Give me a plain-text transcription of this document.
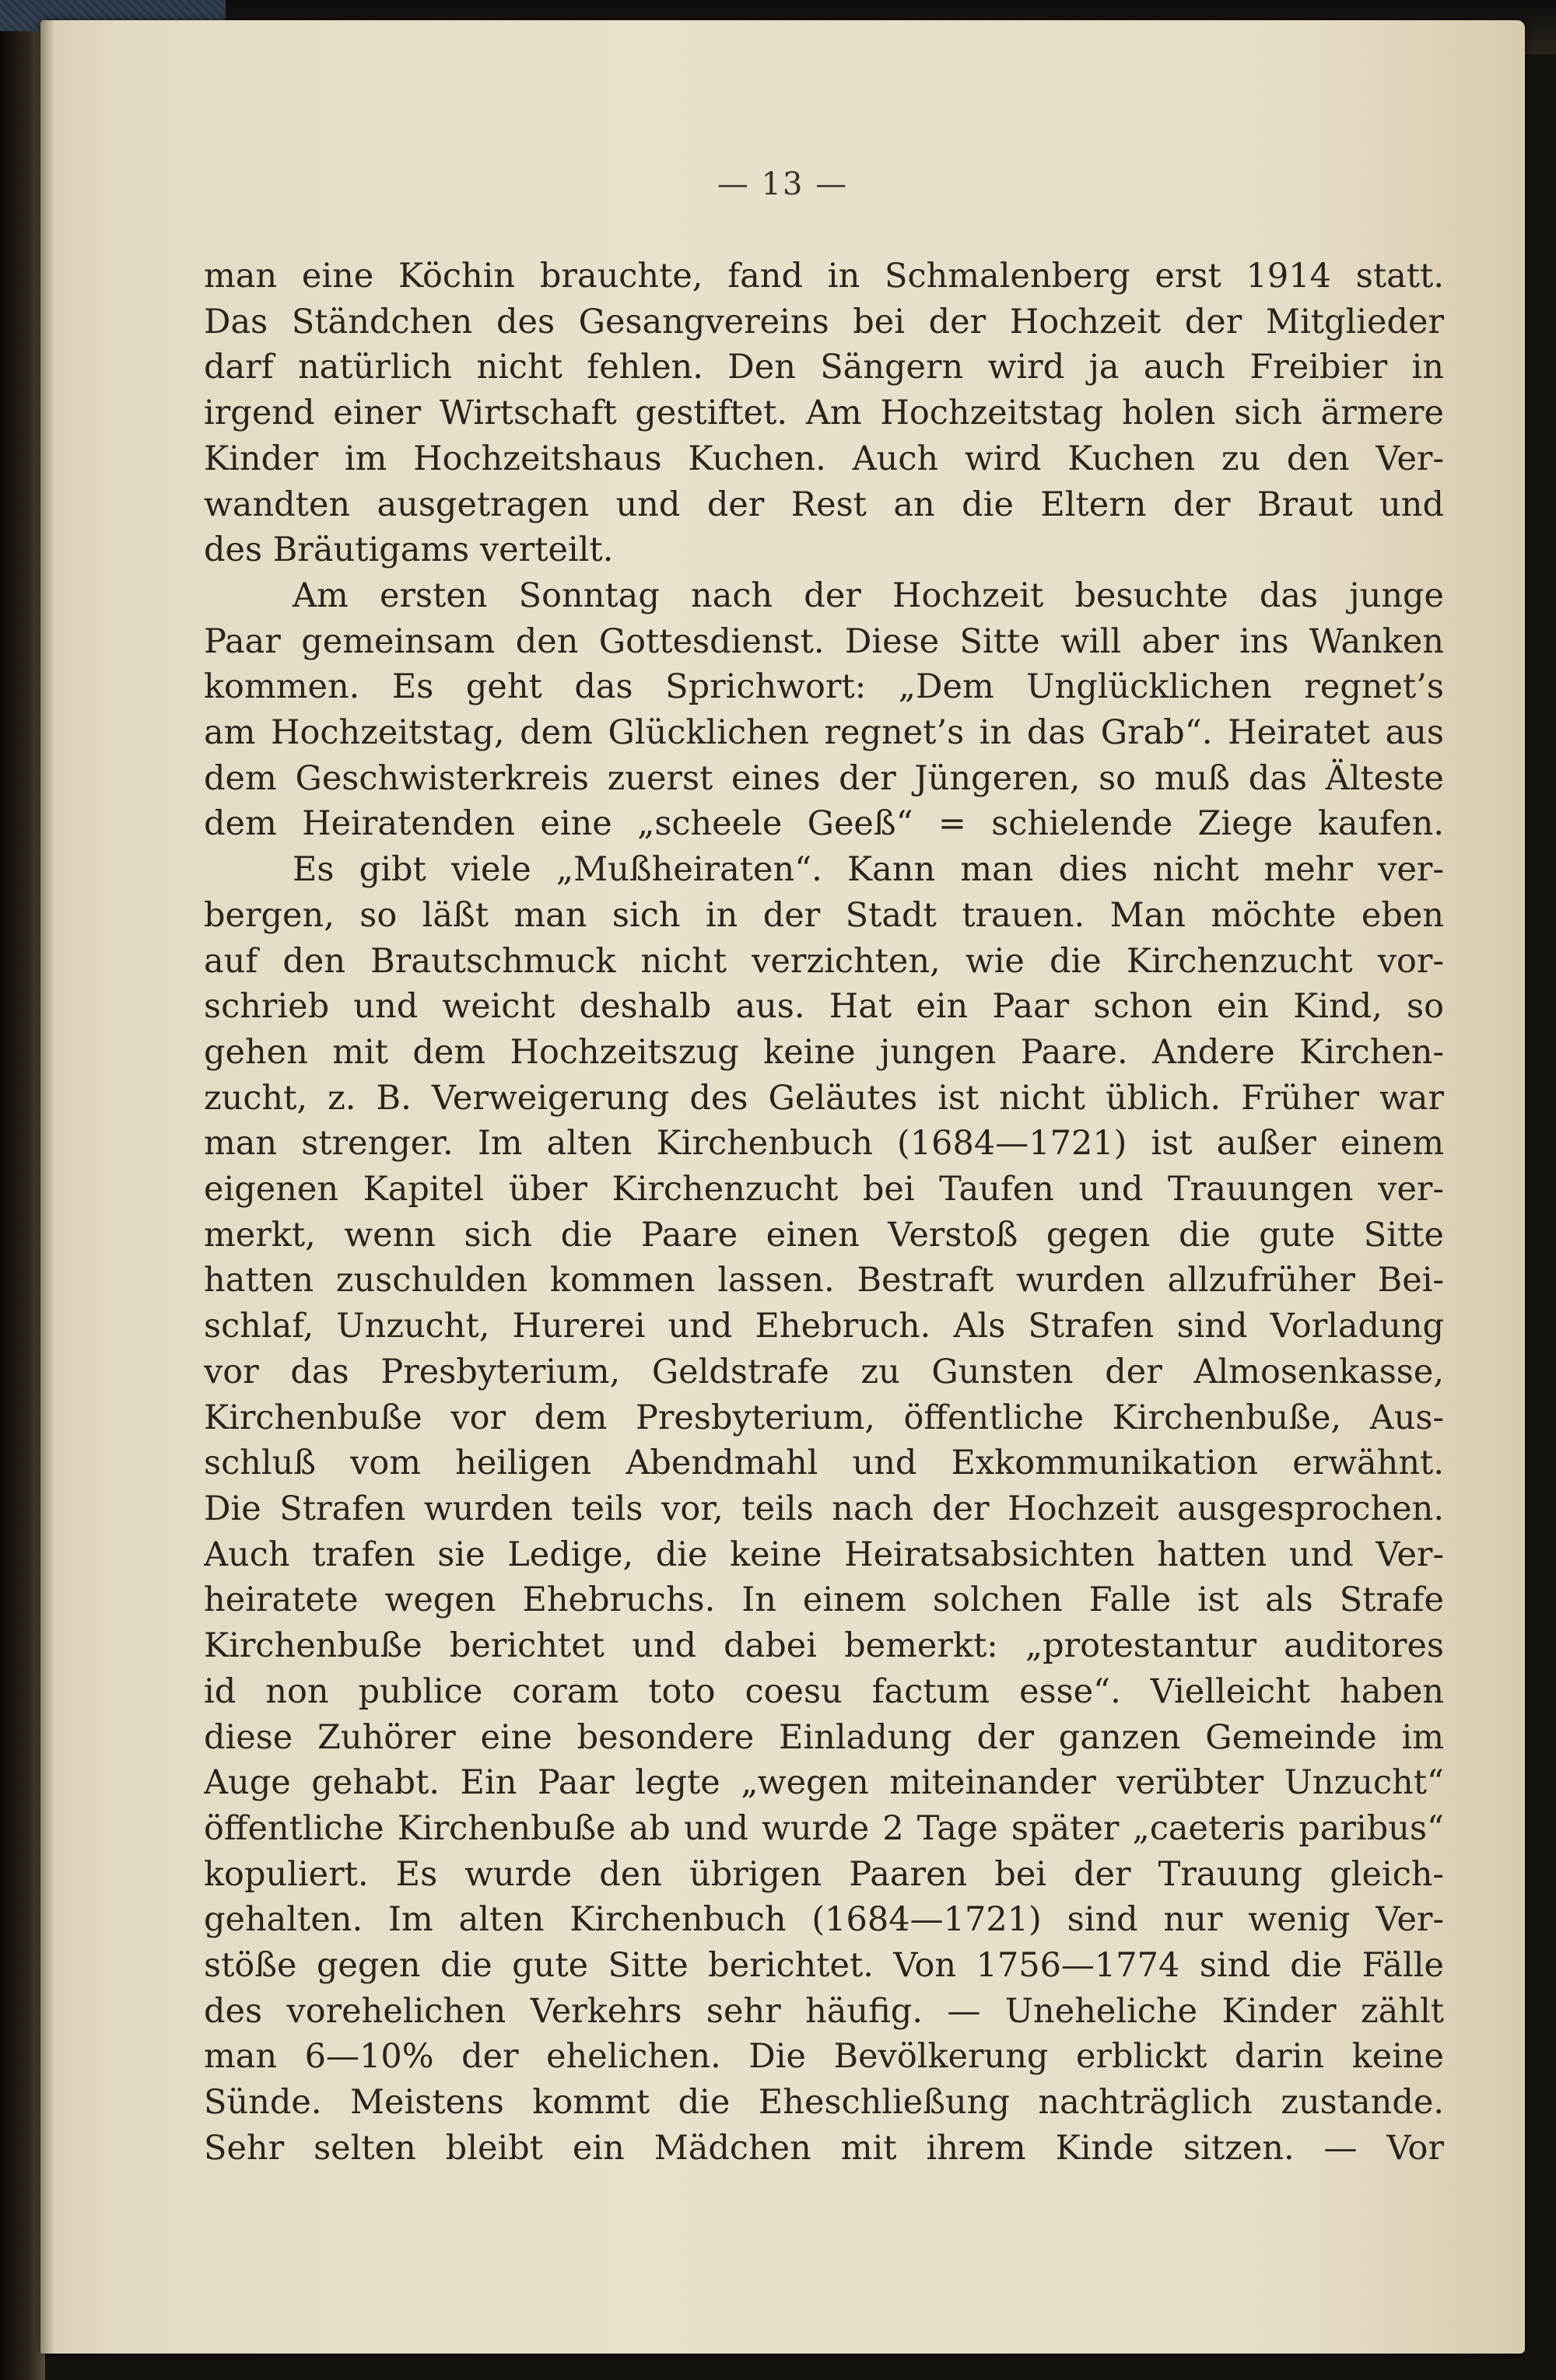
— 13 —
man eine Köchin brauchte, fand in Schmalenberg erst 1914 statt.
Das Ständchen des Gesangvereins bei der Hochzeit der Mitglieder
darf natürlich nicht fehlen. Den Sängern wird ja auch Freibier in
irgend einer Wirtschaft gestiftet. Am Hochzeitstag holen sich ärmere
Kinder im Hochzeitshaus Kuchen. Auch wird Kuchen zu den Ver-
wandten ausgetragen und der Rest an die Eltern der Braut und
des Bräutigams verteilt.
Am ersten Sonntag nach der Hochzeit besuchte das junge
Paar gemeinsam den Gottesdienst. Diese Sitte will aber ins Wanken
kommen. Es geht das Sprichwort: „Dem Unglücklichen regnet’s
am Hochzeitstag, dem Glücklichen regnet’s in das Grab“. Heiratet aus
dem Geschwisterkreis zuerst eines der Jüngeren, so muß das Älteste
dem Heiratenden eine „scheele Geeß“ = schielende Ziege kaufen.
Es gibt viele „Mußheiraten“. Kann man dies nicht mehr ver-
bergen, so läßt man sich in der Stadt trauen. Man möchte eben
auf den Brautschmuck nicht verzichten, wie die Kirchenzucht vor-
schrieb und weicht deshalb aus. Hat ein Paar schon ein Kind, so
gehen mit dem Hochzeitszug keine jungen Paare. Andere Kirchen-
zucht, z. B. Verweigerung des Geläutes ist nicht üblich. Früher war
man strenger. Im alten Kirchenbuch (1684—1721) ist außer einem
eigenen Kapitel über Kirchenzucht bei Taufen und Trauungen ver-
merkt, wenn sich die Paare einen Verstoß gegen die gute Sitte
hatten zuschulden kommen lassen. Bestraft wurden allzufrüher Bei-
schlaf, Unzucht, Hurerei und Ehebruch. Als Strafen sind Vorladung
vor das Presbyterium, Geldstrafe zu Gunsten der Almosenkasse,
Kirchenbuße vor dem Presbyterium, öffentliche Kirchenbuße, Aus-
schluß vom heiligen Abendmahl und Exkommunikation erwähnt.
Die Strafen wurden teils vor, teils nach der Hochzeit ausgesprochen.
Auch trafen sie Ledige, die keine Heiratsabsichten hatten und Ver-
heiratete wegen Ehebruchs. In einem solchen Falle ist als Strafe
Kirchenbuße berichtet und dabei bemerkt: „protestantur auditores
id non publice coram toto coesu factum esse“. Vielleicht haben
diese Zuhörer eine besondere Einladung der ganzen Gemeinde im
Auge gehabt. Ein Paar legte „wegen miteinander verübter Unzucht“
öffentliche Kirchenbuße ab und wurde 2 Tage später „caeteris paribus“
kopuliert. Es wurde den übrigen Paaren bei der Trauung gleich-
gehalten. Im alten Kirchenbuch (1684—1721) sind nur wenig Ver-
stöße gegen die gute Sitte berichtet. Von 1756—1774 sind die Fälle
des vorehelichen Verkehrs sehr häufig. — Uneheliche Kinder zählt
man 6—10% der ehelichen. Die Bevölkerung erblickt darin keine
Sünde. Meistens kommt die Eheschließung nachträglich zustande.
Sehr selten bleibt ein Mädchen mit ihrem Kinde sitzen. — Vor
